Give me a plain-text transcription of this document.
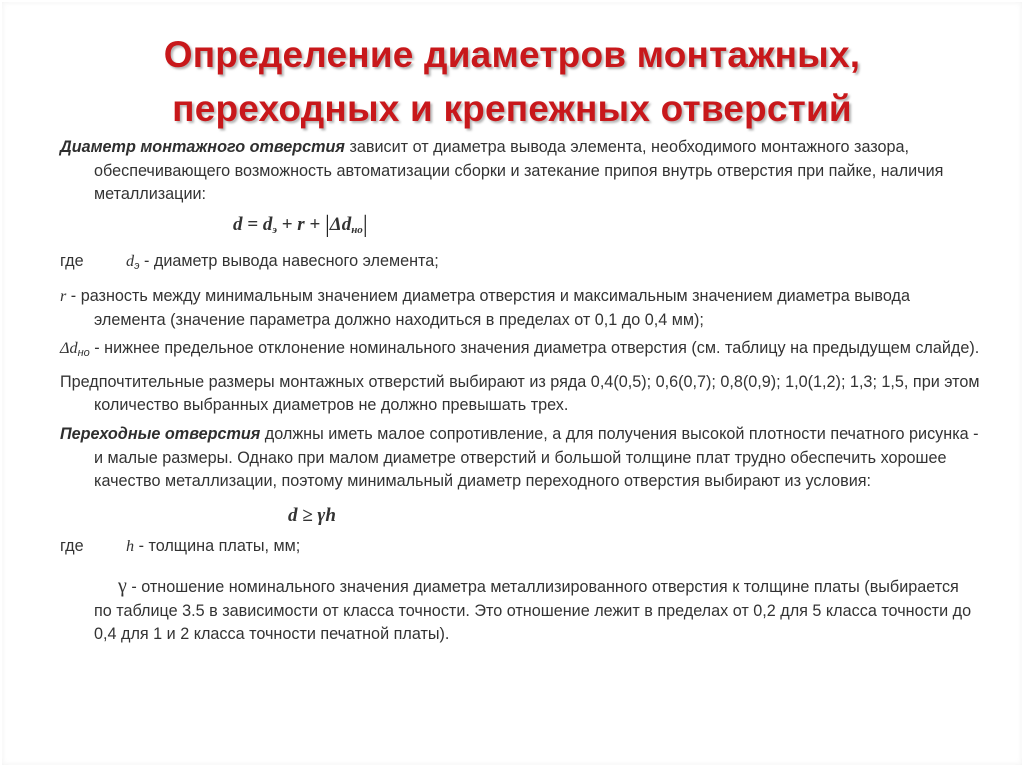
Определение диаметров монтажных,
переходных и крепежных отверстий

Диаметр монтажного отверстия зависит от диаметра вывода элемента, необходимого монтажного зазора, обеспечивающего возможность автоматизации сборки и затекание припоя внутрь отверстия при пайке, наличия металлизации:

$d = d_э + r + |\Delta d_{но}|$
где	$d_э$ - диаметр вывода навесного элемента;

r - разность между минимальным значением диаметра отверстия и максимальным значением диаметра вывода элемента (значение параметра должно находиться в пределах от 0,1 до 0,4 мм);

$\Delta d_{но}$ - нижнее предельное отклонение номинального значения диаметра отверстия (см. таблицу на предыдущем слайде).

Предпочтительные размеры монтажных отверстий выбирают из ряда 0,4(0,5); 0,6(0,7); 0,8(0,9); 1,0(1,2); 1,3; 1,5, при этом количество выбранных диаметров не должно превышать трех.

Переходные отверстия должны иметь малое сопротивление, а для получения высокой плотности печатного рисунка - и малые размеры. Однако при малом диаметре отверстий и большой толщине плат трудно обеспечить хорошее качество металлизации, поэтому минимальный диаметр переходного отверстия выбирают из условия:

d ≥ γh
где	h - толщина платы, мм;

γ - отношение номинального значения диаметра металлизированного отверстия к толщине платы (выбирается по таблице 3.5 в зависимости от класса точности. Это отношение лежит в пределах от 0,2 для 5 класса точности до 0,4 для 1 и 2 класса точности печатной платы).
